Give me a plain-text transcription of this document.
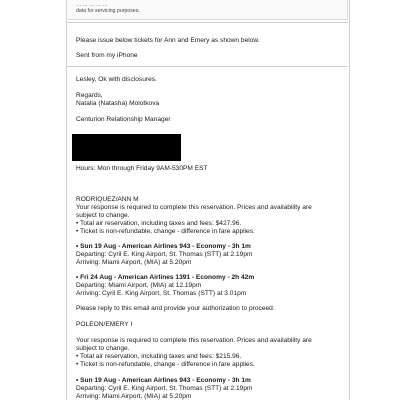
… … … … …
data for servicing purposes.
Please issue below tickets for Ann and Emery as shown below.
Sent from my iPhone
Lesley, Ok with disclosures.
Regards,
Natalia (Natasha) Molotkova
Centurion Relationship Manager
Hours: Mon through Friday 9AM-530PM EST
RODRIQUEZ/ANN M
Your response is required to complete this reservation. Prices and availability are
subject to change.
• Total air reservation, including taxes and fees: $427.96.
• Ticket is non-refundable, change - difference in fare applies.
• Sun 19 Aug - American Airlines 943 - Economy - 3h 1m
Departing: Cyril E. King Airport, St. Thomas (STT) at 2.19pm
Arriving: Miami Airport, (MIA) at 5.20pm
• Fri 24 Aug - American Airlines 1391 - Economy - 2h 42m
Departing: Miami Airport, (MIA) at 12.19pm
Arriving: Cyril E. King Airport, St. Thomas (STT) at 3.01pm
Please reply to this email and provide your authorization to proceed.
POLEON/EMERY I
Your response is required to complete this reservation. Prices and availability are
subject to change.
• Total air reservation, including taxes and fees: $215.96.
• Ticket is non-refundable, change - difference in fare applies.
• Sun 19 Aug - American Airlines 943 - Economy - 3h 1m
Departing: Cyril E. King Airport, St. Thomas (STT) at 2.19pm
Arriving: Miami Airport, (MIA) at 5.20pm
